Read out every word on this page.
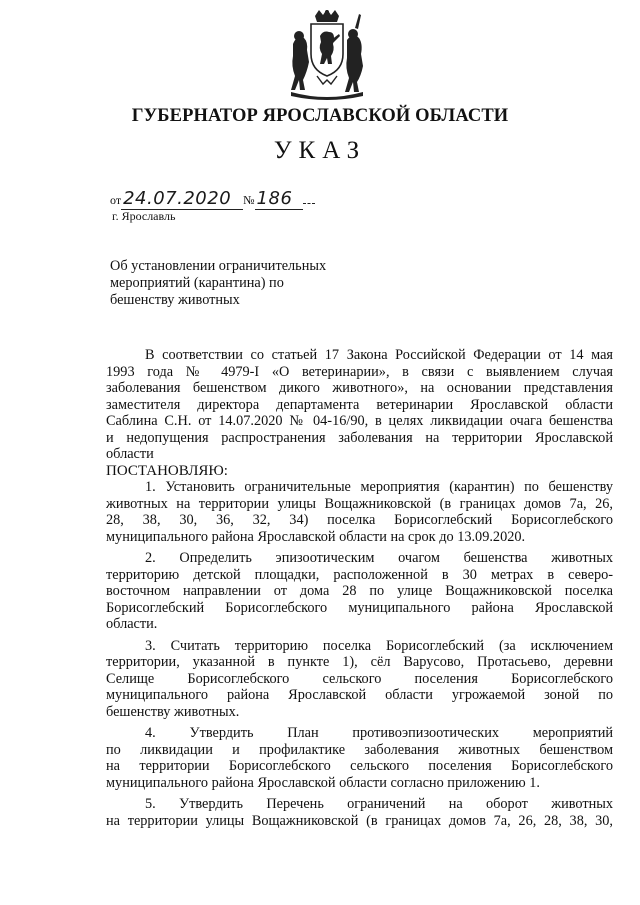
ГУБЕРНАТОР ЯРОСЛАВСКОЙ ОБЛАСТИ
УКАЗ
от 24.07.2020 № 186
г. Ярославль
Об установлении ограничительных
мероприятий (карантина) по
бешенству животных
В соответствии со статьей 17 Закона Российской Федерации от 14 мая
1993 года № 4979-I «О ветеринарии», в связи с выявлением случая
заболевания бешенством дикого животного», на основании представления
заместителя директора департамента ветеринарии Ярославской области
Саблина С.Н. от 14.07.2020 № 04-16/90, в целях ликвидации очага бешенства
и недопущения распространения заболевания на территории Ярославской
области
ПОСТАНОВЛЯЮ:
1. Установить ограничительные мероприятия (карантин) по бешенству
животных на территории улицы Вощажниковской (в границах домов 7а, 26,
28, 38, 30, 36, 32, 34) поселка Борисоглебский Борисоглебского
муниципального района Ярославской области на срок до 13.09.2020.
2. Определить эпизоотическим очагом бешенства животных
территорию детской площадки, расположенной в 30 метрах в северо-
восточном направлении от дома 28 по улице Вощажниковской поселка
Борисоглебский Борисоглебского муниципального района Ярославской
области.
3. Считать территорию поселка Борисоглебский (за исключением
территории, указанной в пункте 1), сёл Варусово, Протасьево, деревни
Селище Борисоглебского сельского поселения Борисоглебского
муниципального района Ярославской области угрожаемой зоной по
бешенству животных.
4. Утвердить План противоэпизоотических мероприятий
по ликвидации и профилактике заболевания животных бешенством
на территории Борисоглебского сельского поселения Борисоглебского
муниципального района Ярославской области согласно приложению 1.
5. Утвердить Перечень ограничений на оборот животных
на территории улицы Вощажниковской (в границах домов 7а, 26, 28, 38, 30,
